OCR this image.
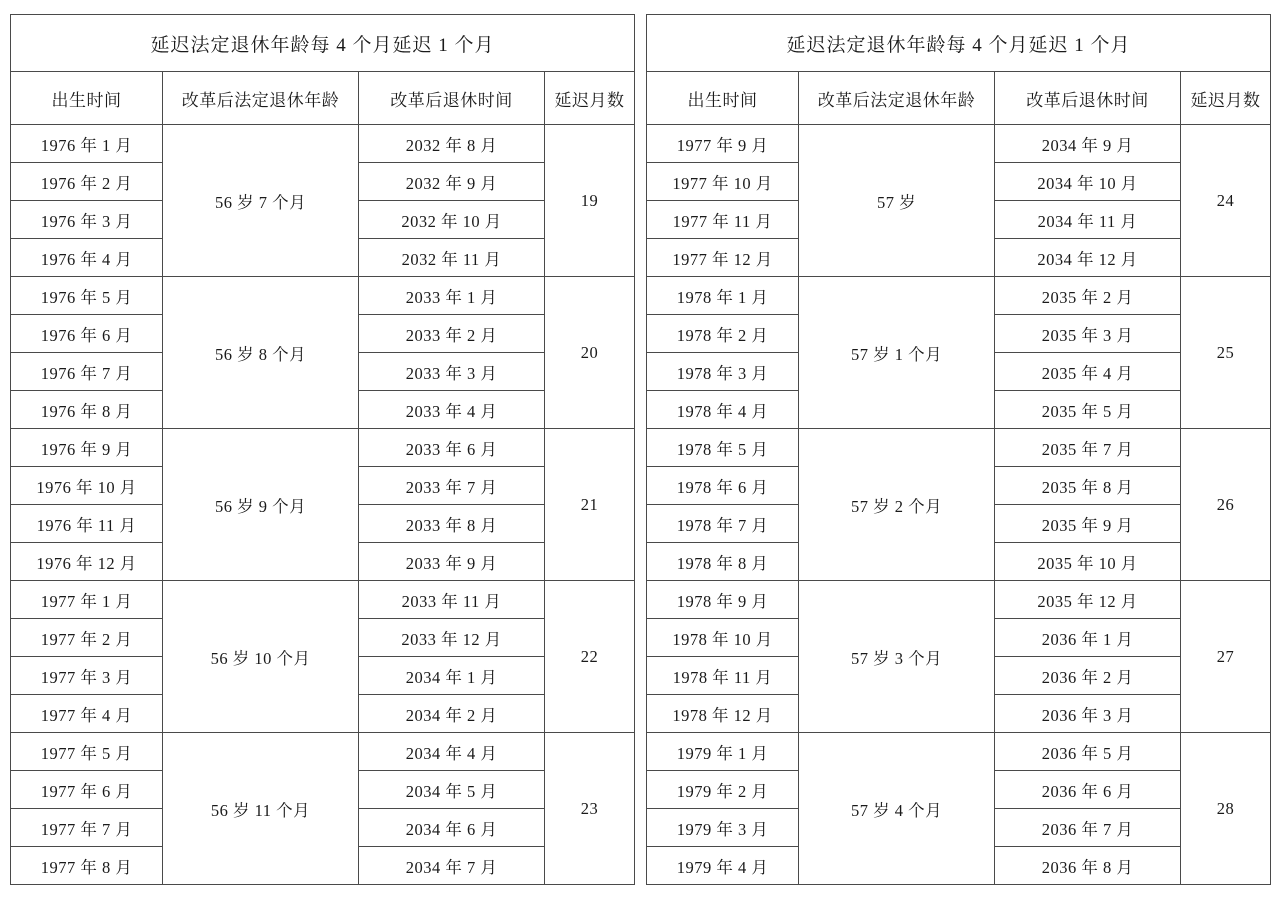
延迟法定退休年龄每 4 个月延迟 1 个月			
出生时间	改革后法定退休年龄	改革后退休时间	延迟月数
1976 年 1 月	56 岁 7 个月	2032 年 8 月	19
1976 年 2 月		2032 年 9 月	
1976 年 3 月		2032 年 10 月	
1976 年 4 月		2032 年 11 月	
1976 年 5 月	56 岁 8 个月	2033 年 1 月	20
1976 年 6 月		2033 年 2 月	
1976 年 7 月		2033 年 3 月	
1976 年 8 月		2033 年 4 月	
1976 年 9 月	56 岁 9 个月	2033 年 6 月	21
1976 年 10 月		2033 年 7 月	
1976 年 11 月		2033 年 8 月	
1976 年 12 月		2033 年 9 月	
1977 年 1 月	56 岁 10 个月	2033 年 11 月	22
1977 年 2 月		2033 年 12 月	
1977 年 3 月		2034 年 1 月	
1977 年 4 月		2034 年 2 月	
1977 年 5 月	56 岁 11 个月	2034 年 4 月	23
1977 年 6 月		2034 年 5 月	
1977 年 7 月		2034 年 6 月	
1977 年 8 月		2034 年 7 月	
延迟法定退休年龄每 4 个月延迟 1 个月			
出生时间	改革后法定退休年龄	改革后退休时间	延迟月数
1977 年 9 月	57 岁	2034 年 9 月	24
1977 年 10 月		2034 年 10 月	
1977 年 11 月		2034 年 11 月	
1977 年 12 月		2034 年 12 月	
1978 年 1 月	57 岁 1 个月	2035 年 2 月	25
1978 年 2 月		2035 年 3 月	
1978 年 3 月		2035 年 4 月	
1978 年 4 月		2035 年 5 月	
1978 年 5 月	57 岁 2 个月	2035 年 7 月	26
1978 年 6 月		2035 年 8 月	
1978 年 7 月		2035 年 9 月	
1978 年 8 月		2035 年 10 月	
1978 年 9 月	57 岁 3 个月	2035 年 12 月	27
1978 年 10 月		2036 年 1 月	
1978 年 11 月		2036 年 2 月	
1978 年 12 月		2036 年 3 月	
1979 年 1 月	57 岁 4 个月	2036 年 5 月	28
1979 年 2 月		2036 年 6 月	
1979 年 3 月		2036 年 7 月	
1979 年 4 月		2036 年 8 月	
